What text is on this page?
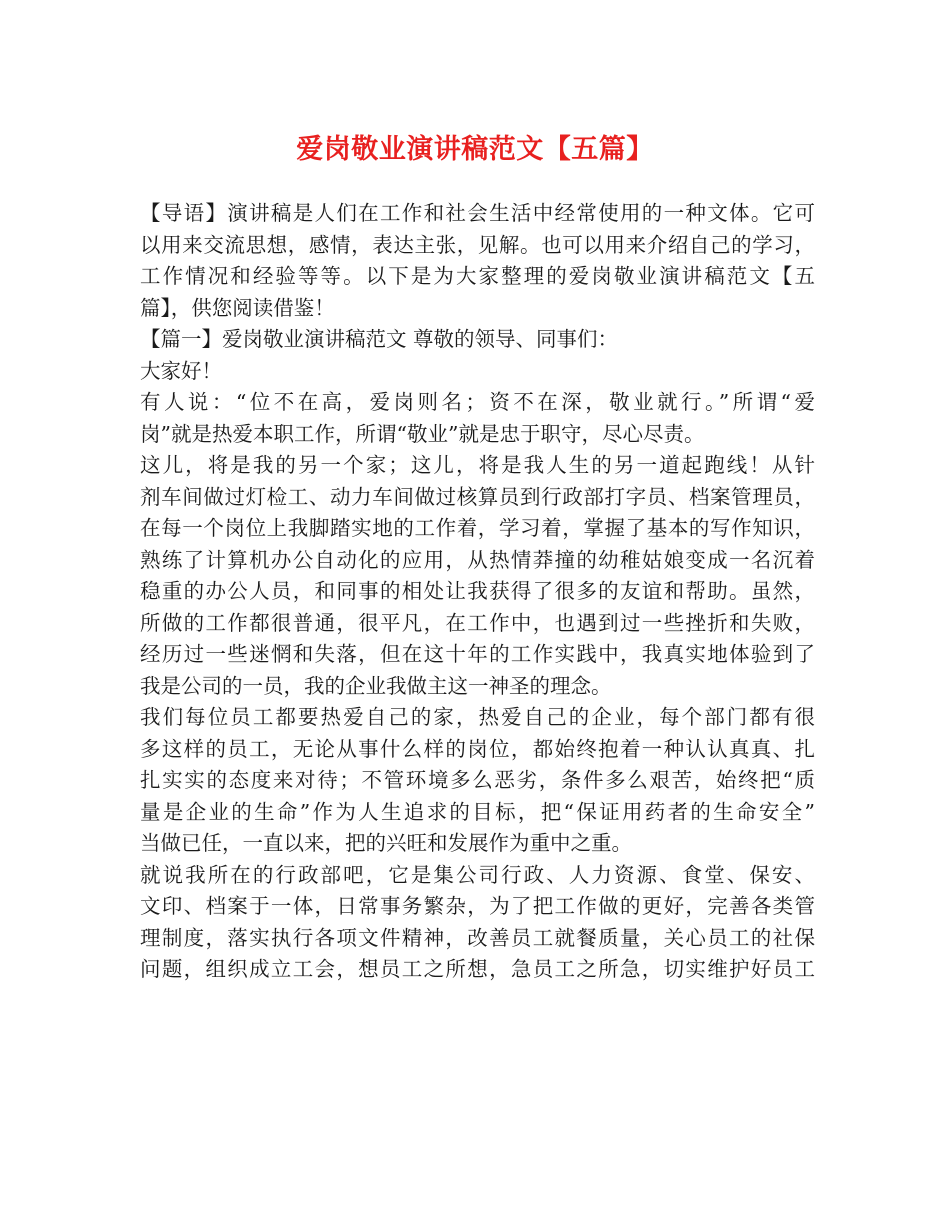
爱岗敬业演讲稿范文【五篇】
【导语】演讲稿是人们在工作和社会生活中经常使用的一种文体。它可
以用来交流思想，感情，表达主张，见解。也可以用来介绍自己的学习，
工作情况和经验等等。以下是为大家整理的爱岗敬业演讲稿范文【五
篇】，供您阅读借鉴！
【篇一】爱岗敬业演讲稿范文 尊敬的领导、同事们：
大家好！
有人说：“位不在高，爱岗则名；资不在深，敬业就行。”所谓“爱
岗”就是热爱本职工作，所谓“敬业”就是忠于职守，尽心尽责。
这儿，将是我的另一个家；这儿，将是我人生的另一道起跑线！从针
剂车间做过灯检工、动力车间做过核算员到行政部打字员、档案管理员，
在每一个岗位上我脚踏实地的工作着，学习着，掌握了基本的写作知识，
熟练了计算机办公自动化的应用，从热情莽撞的幼稚姑娘变成一名沉着
稳重的办公人员，和同事的相处让我获得了很多的友谊和帮助。虽然，
所做的工作都很普通，很平凡，在工作中，也遇到过一些挫折和失败，
经历过一些迷惘和失落，但在这十年的工作实践中，我真实地体验到了
我是公司的一员，我的企业我做主这一神圣的理念。
我们每位员工都要热爱自己的家，热爱自己的企业，每个部门都有很
多这样的员工，无论从事什么样的岗位，都始终抱着一种认认真真、扎
扎实实的态度来对待；不管环境多么恶劣，条件多么艰苦，始终把“质
量是企业的生命”作为人生追求的目标，把“保证用药者的生命安全”
当做已任，一直以来，把的兴旺和发展作为重中之重。
就说我所在的行政部吧，它是集公司行政、人力资源、食堂、保安、
文印、档案于一体，日常事务繁杂，为了把工作做的更好，完善各类管
理制度，落实执行各项文件精神，改善员工就餐质量，关心员工的社保
问题，组织成立工会，想员工之所想，急员工之所急，切实维护好员工
